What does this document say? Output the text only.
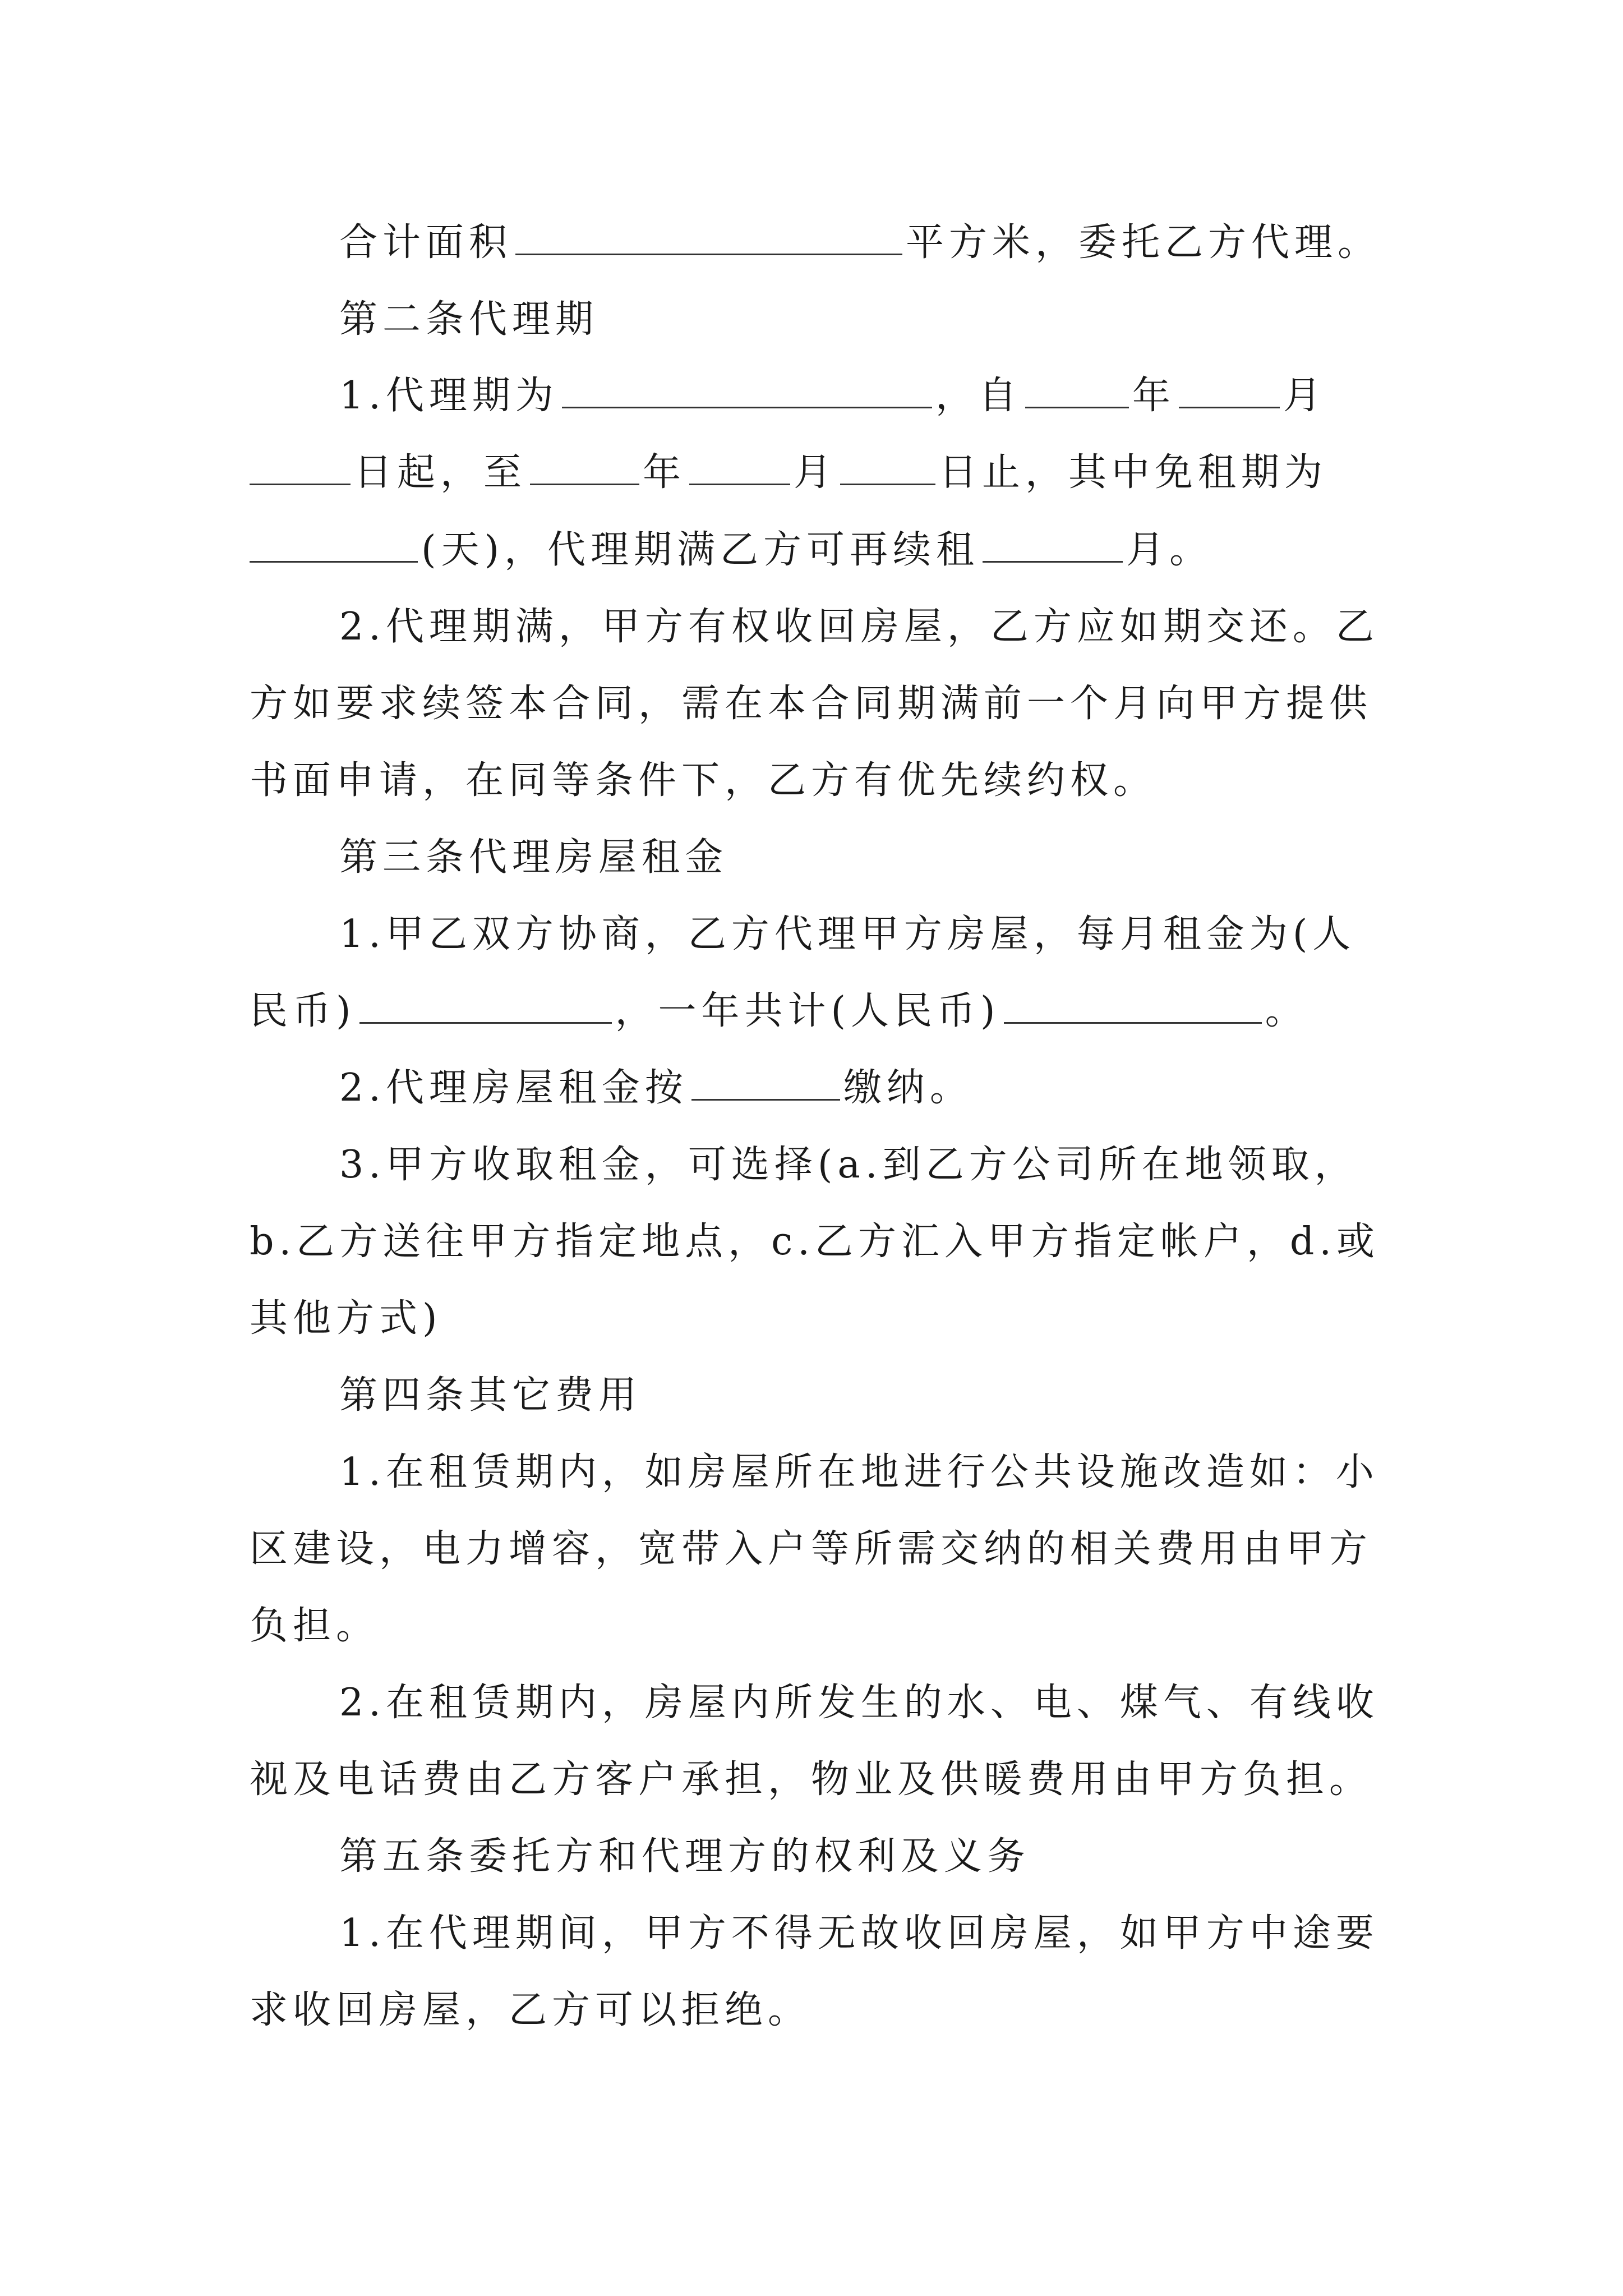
合计面积	平方米，委托乙方代理。
第二条代理期
1.代理期为	，自	年	月
日起，至	年	月	日止，其中免租期为
(天)，代理期满乙方可再续租	月。
2.代理期满，甲方有权收回房屋，乙方应如期交还。乙
方如要求续签本合同，需在本合同期满前一个月向甲方提供
书面申请，在同等条件下，乙方有优先续约权。
第三条代理房屋租金
1.甲乙双方协商，乙方代理甲方房屋，每月租金为(人
民币)	，一年共计(人民币)	。
2.代理房屋租金按	缴纳。
3.甲方收取租金，可选择(a.到乙方公司所在地领取，
b.乙方送往甲方指定地点，c.乙方汇入甲方指定帐户，d.或
其他方式)
第四条其它费用
1.在租赁期内，如房屋所在地进行公共设施改造如：小
区建设，电力增容，宽带入户等所需交纳的相关费用由甲方
负担。
2.在租赁期内，房屋内所发生的水、电、煤气、有线收
视及电话费由乙方客户承担，物业及供暖费用由甲方负担。
第五条委托方和代理方的权利及义务
1.在代理期间，甲方不得无故收回房屋，如甲方中途要
求收回房屋，乙方可以拒绝。
